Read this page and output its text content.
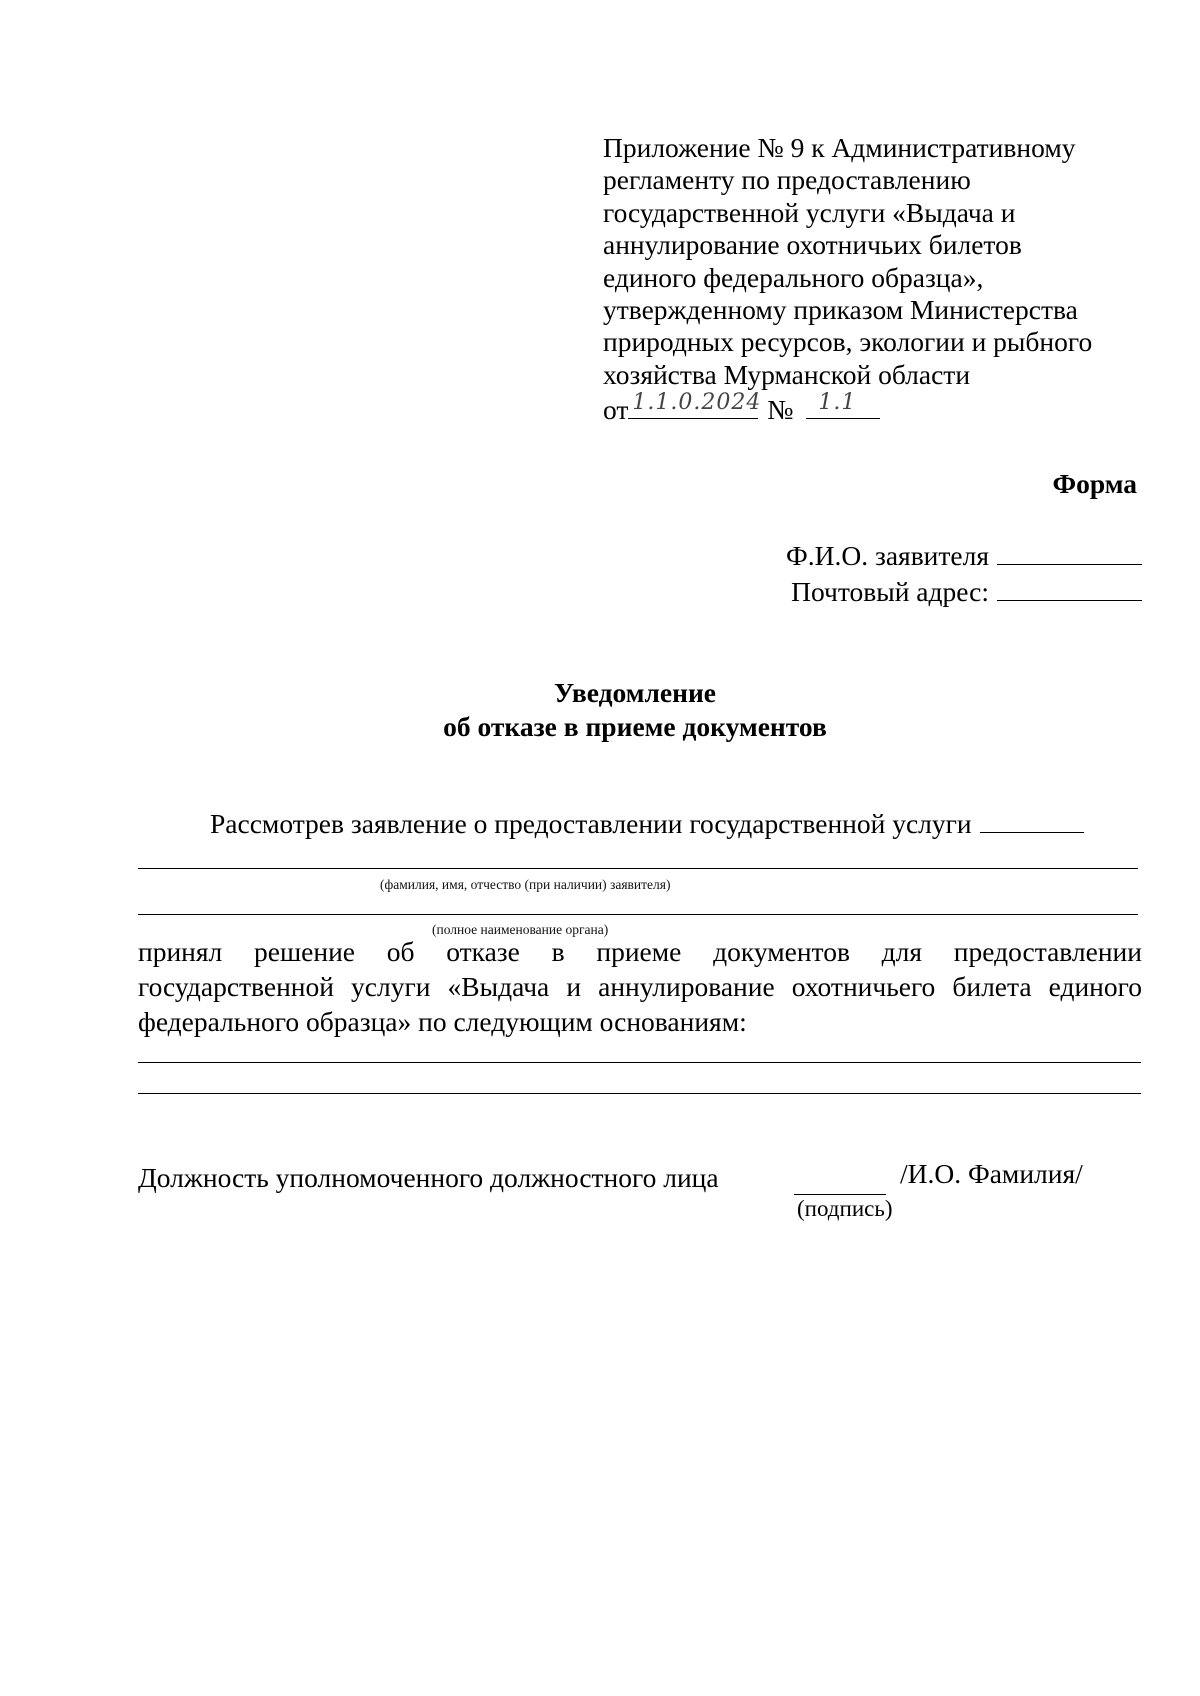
Приложение № 9 к Административному
регламенту по предоставлению
государственной услуги «Выдача и
аннулирование охотничьих билетов
единого федерального образца»,
утвержденному приказом Министерства
природных ресурсов, экологии и рыбного
хозяйства Мурманской области
от 1.1.0.2024 № 1.1
Форма
Ф.И.О. заявителя
Почтовый адрес:
Уведомление
об отказе в приеме документов
Рассмотрев заявление о предоставлении государственной услуги
(фамилия, имя, отчество (при наличии) заявителя)
(полное наименование органа)
принял решение об отказе в приеме документов для предоставлении
государственной услуги «Выдача и аннулирование охотничьего билета единого
федерального образца» по следующим основаниям:
Должность уполномоченного должностного лица	/И.О. Фамилия/
(подпись)
